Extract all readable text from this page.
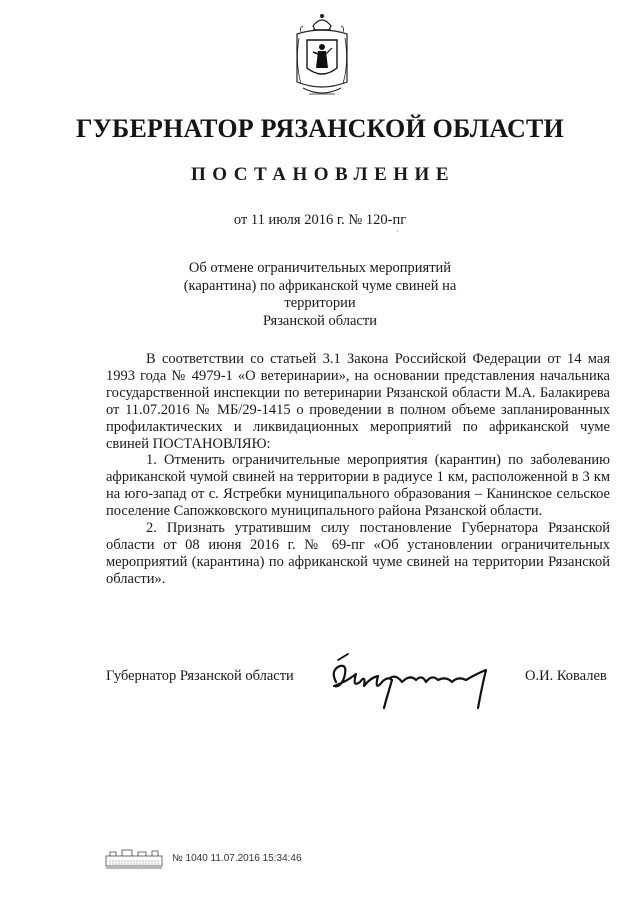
ГУБЕРНАТОР РЯЗАНСКОЙ ОБЛАСТИ
ПОСТАНОВЛЕНИЕ
от 11 июля 2016 г. № 120-пг
ˊ
Об отмене ограничительных мероприятий
(карантина) по африканской чуме свиней на территории
Рязанской области

В соответствии со статьей 3.1 Закона Российской Федерации от 14 мая 1993 года № 4979-1 «О ветеринарии», на основании представления начальника государственной инспекции по ветеринарии Рязанской области М.А. Балакирева от 11.07.2016 № МБ/29-1415 о проведении в полном объеме запланированных профилактических и ликвидационных мероприятий по африканской чуме свиней ПОСТАНОВЛЯЮ:

1. Отменить ограничительные мероприятия (карантин) по заболеванию африканской чумой свиней на территории в радиусе 1 км, расположенной в 3 км на юго-запад от с. Ястребки муниципального образования – Канинское сельское поселение Сапожковского муниципального района Рязанской области.

2. Признать утратившим силу постановление Губернатора Рязанской области от 08 июня 2016 г. № 69-пг «Об установлении ограничительных мероприятий (карантина) по африканской чуме свиней на территории Рязанской области».

Губернатор Рязанской области	О.И. Ковалев
№ 1040 11.07.2016 15:34:46
